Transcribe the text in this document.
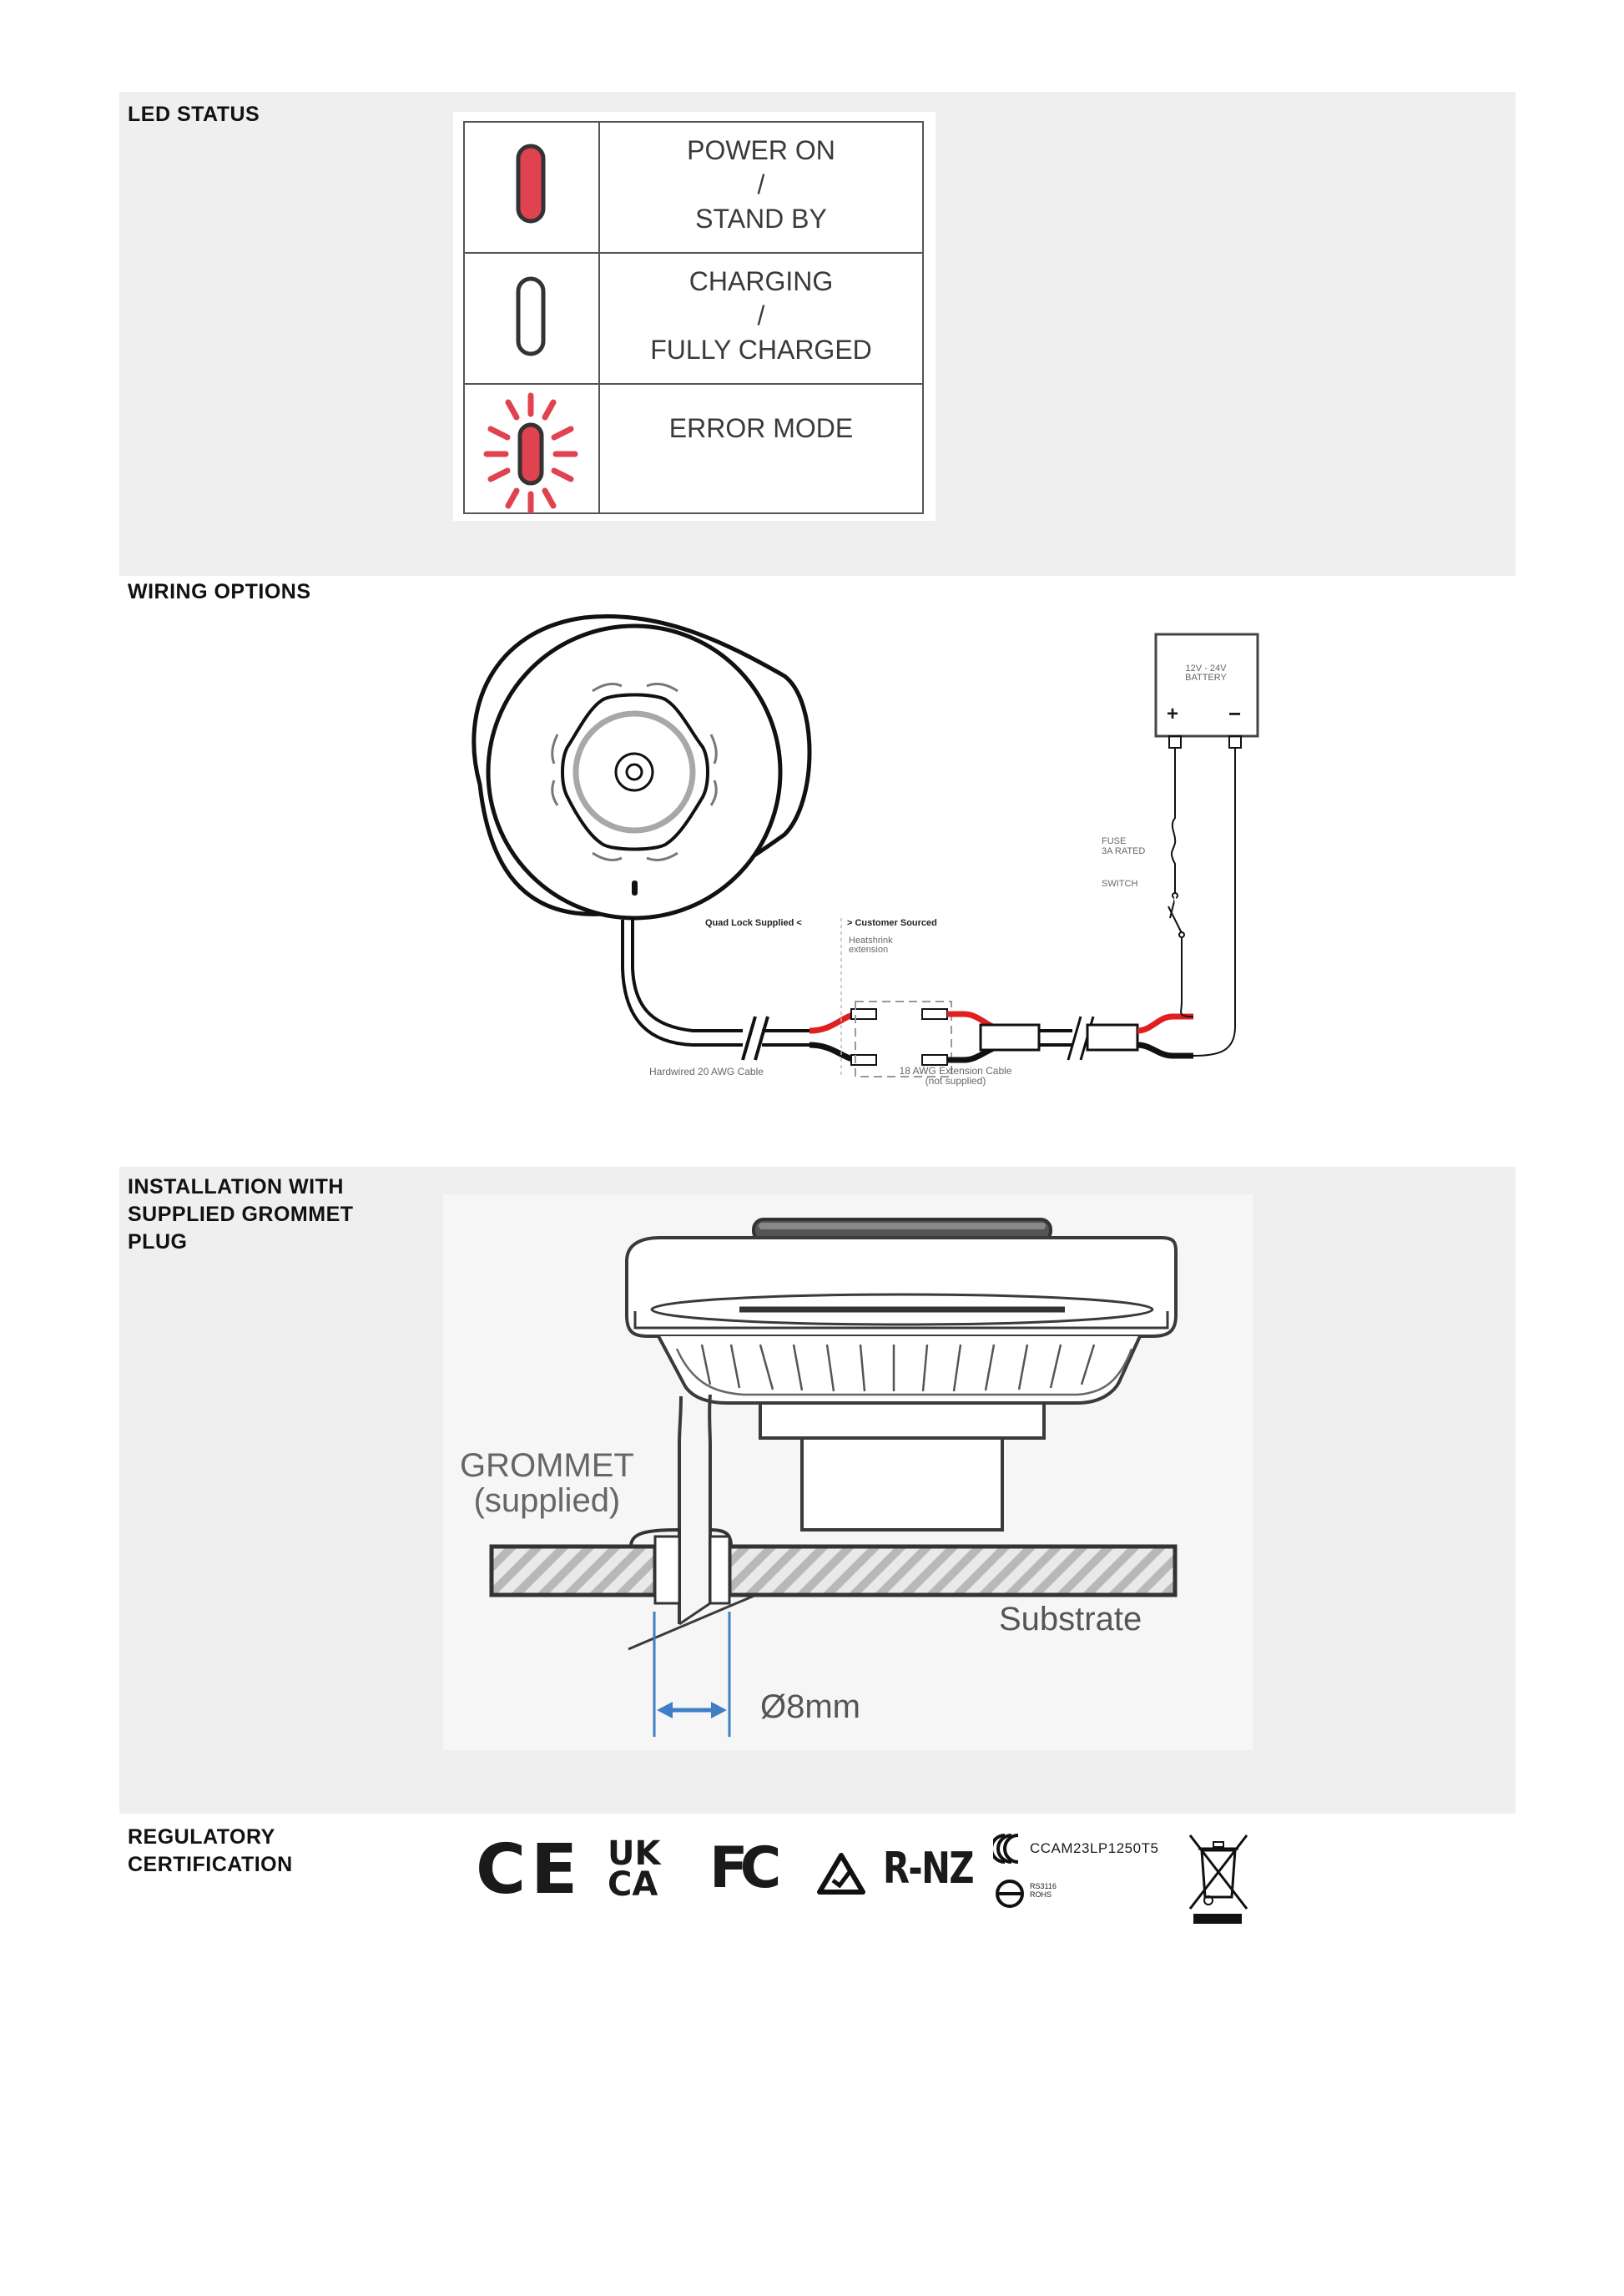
LED STATUS
POWER ON
/
STAND BY
CHARGING
/
FULLY CHARGED
ERROR MODE
WIRING OPTIONS
12V - 24V
BATTERY
+ −
FUSE
3A RATED
SWITCH
Quad Lock Supplied <	> Customer Sourced
Heatshrink
extension
Hardwired 20 AWG Cable	18 AWG Extension Cable
(not supplied)
INSTALLATION WITH
SUPPLIED GROMMET
PLUG
GROMMET
(supplied)
Substrate
Ø8mm
REGULATORY
CERTIFICATION	CE UK
CA FC	R-NZ	CCAM23LP1250T5
RS3116
ROHS
